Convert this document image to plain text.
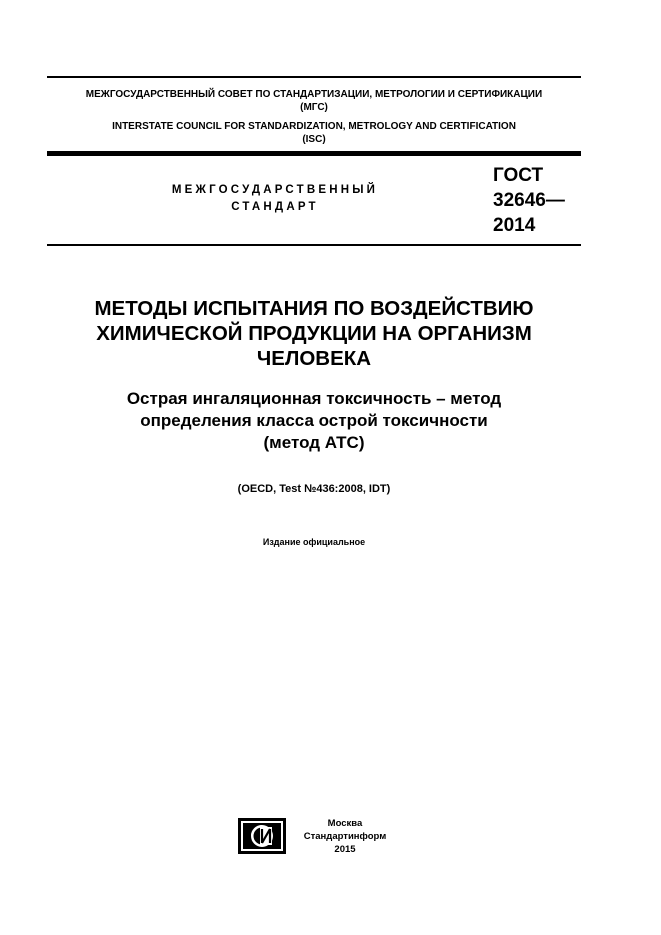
МЕЖГОСУДАРСТВЕННЫЙ СОВЕТ ПО СТАНДАРТИЗАЦИИ, МЕТРОЛОГИИ И СЕРТИФИКАЦИИ
(МГС)
INTERSTATE COUNCIL FOR STANDARDIZATION, METROLOGY AND CERTIFICATION
(ISC)
МЕЖГОСУДАРСТВЕННЫЙ
СТАНДАРТ
ГОСТ
32646—
2014
МЕТОДЫ ИСПЫТАНИЯ ПО ВОЗДЕЙСТВИЮ
ХИМИЧЕСКОЙ ПРОДУКЦИИ НА ОРГАНИЗМ
ЧЕЛОВЕКА
Острая ингаляционная токсичность – метод
определения класса острой токсичности
(метод АТС)
(OECD, Test №436:2008, IDT)
Издание официальное
Москва
Стандартинформ
2015
